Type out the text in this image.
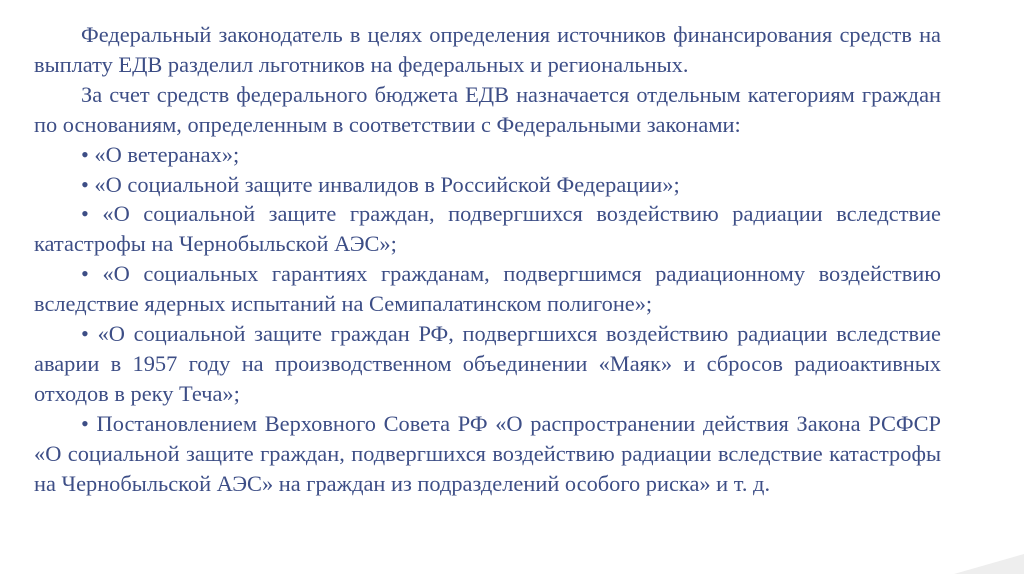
Федеральный законодатель в целях определения источников финансирования средств на выплату ЕДВ разделил льготников на федеральных и региональных.

За счет средств федерального бюджета ЕДВ назначается отдельным категориям граждан по основаниям, определенным в соответствии с Федеральными законами:

• «О ветеранах»;

• «О социальной защите инвалидов в Российской Федерации»;

• «О социальной защите граждан, подвергшихся воздействию радиации вследствие катастрофы на Чернобыльской АЭС»;

• «О социальных гарантиях гражданам, подвергшимся радиационному воздействию вследствие ядерных испытаний на Семипалатинском полигоне»;

• «О социальной защите граждан РФ, подвергшихся воздействию радиации вследствие аварии в 1957 году на производственном объединении «Маяк» и сбросов радиоактивных отходов в реку Теча»;

• Постановлением Верховного Совета РФ «О распространении действия Закона РСФСР «О социальной защите граждан, подвергшихся воздействию радиации вследствие катастрофы на Чернобыльской АЭС» на граждан из подразделений особого риска» и т. д.
